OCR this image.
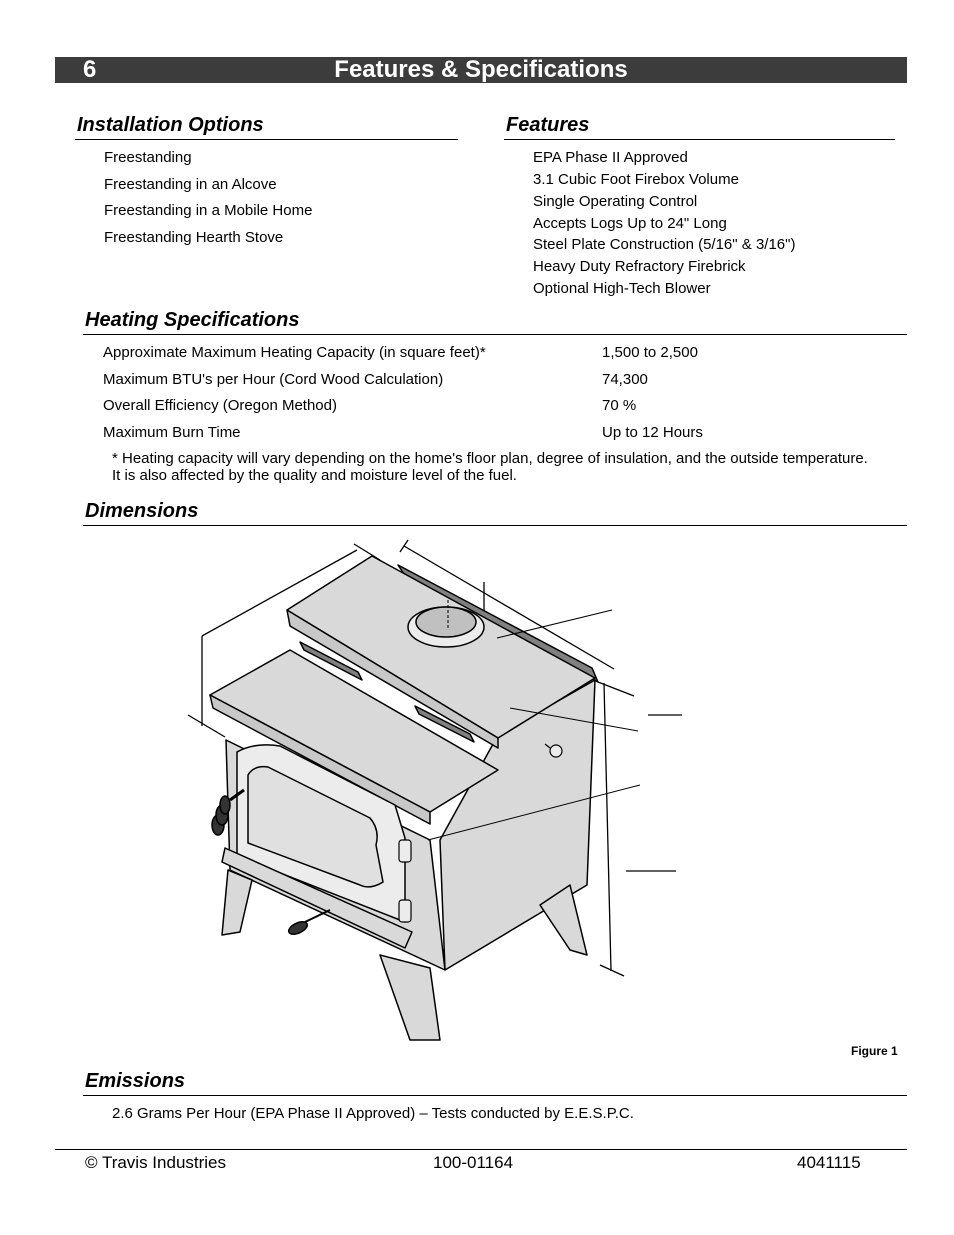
6	Features & Specifications
Installation Options
Freestanding
Freestanding in an Alcove
Freestanding in a Mobile Home
Freestanding Hearth Stove
Features
EPA Phase II Approved
3.1 Cubic Foot Firebox Volume
Single Operating Control
Accepts Logs Up to 24" Long
Steel Plate Construction (5/16" & 3/16")
Heavy Duty Refractory Firebrick
Optional High-Tech Blower
Heating Specifications
Approximate Maximum Heating Capacity (in square feet)*	1,500 to 2,500
Maximum BTU's per Hour (Cord Wood Calculation)	74,300
Overall Efficiency (Oregon Method)	70 %
Maximum Burn Time	Up to 12 Hours
* Heating capacity will vary depending on the home's floor plan, degree of insulation, and the outside temperature.
It is also affected by the quality and moisture level of the fuel.
Dimensions
Figure 1
Emissions
2.6 Grams Per Hour (EPA Phase II Approved) – Tests conducted by E.E.S.P.C.
© Travis Industries	100-01164	4041115
